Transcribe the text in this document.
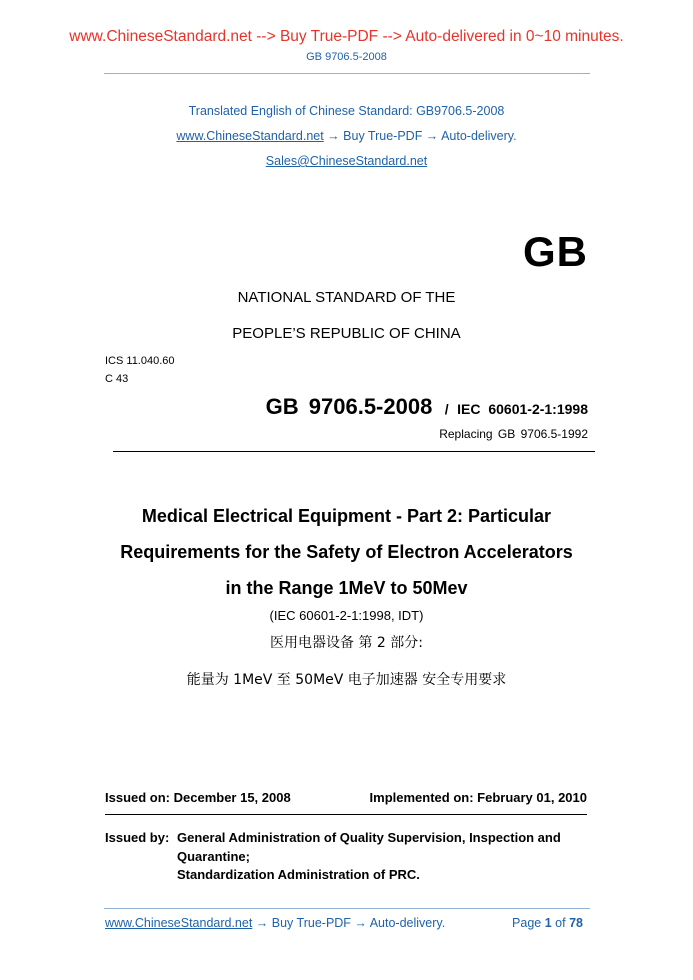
www.ChineseStandard.net --> Buy True-PDF --> Auto-delivered in 0~10 minutes.
GB 9706.5-2008
Translated English of Chinese Standard: GB9706.5-2008
www.ChineseStandard.net → Buy True-PDF → Auto-delivery.
Sales@ChineseStandard.net
GB
NATIONAL STANDARD OF THE
PEOPLE’S REPUBLIC OF CHINA
ICS 11.040.60
C 43
GB 9706.5-2008 / IEC 60601-2-1:1998
Replacing GB 9706.5-1992
Medical Electrical Equipment - Part 2: Particular
Requirements for the Safety of Electron Accelerators
in the Range 1MeV to 50Mev
(IEC 60601-2-1:1998, IDT)
医用电器设备 第 2 部分:
能量为 1MeV 至 50MeV 电子加速器 安全专用要求
Issued on: December 15, 2008	Implemented on: February 01, 2010
Issued by: General Administration of Quality Supervision, Inspection and
Quarantine;
Standardization Administration of PRC.
www.ChineseStandard.net → Buy True-PDF → Auto-delivery.	Page 1 of 78
